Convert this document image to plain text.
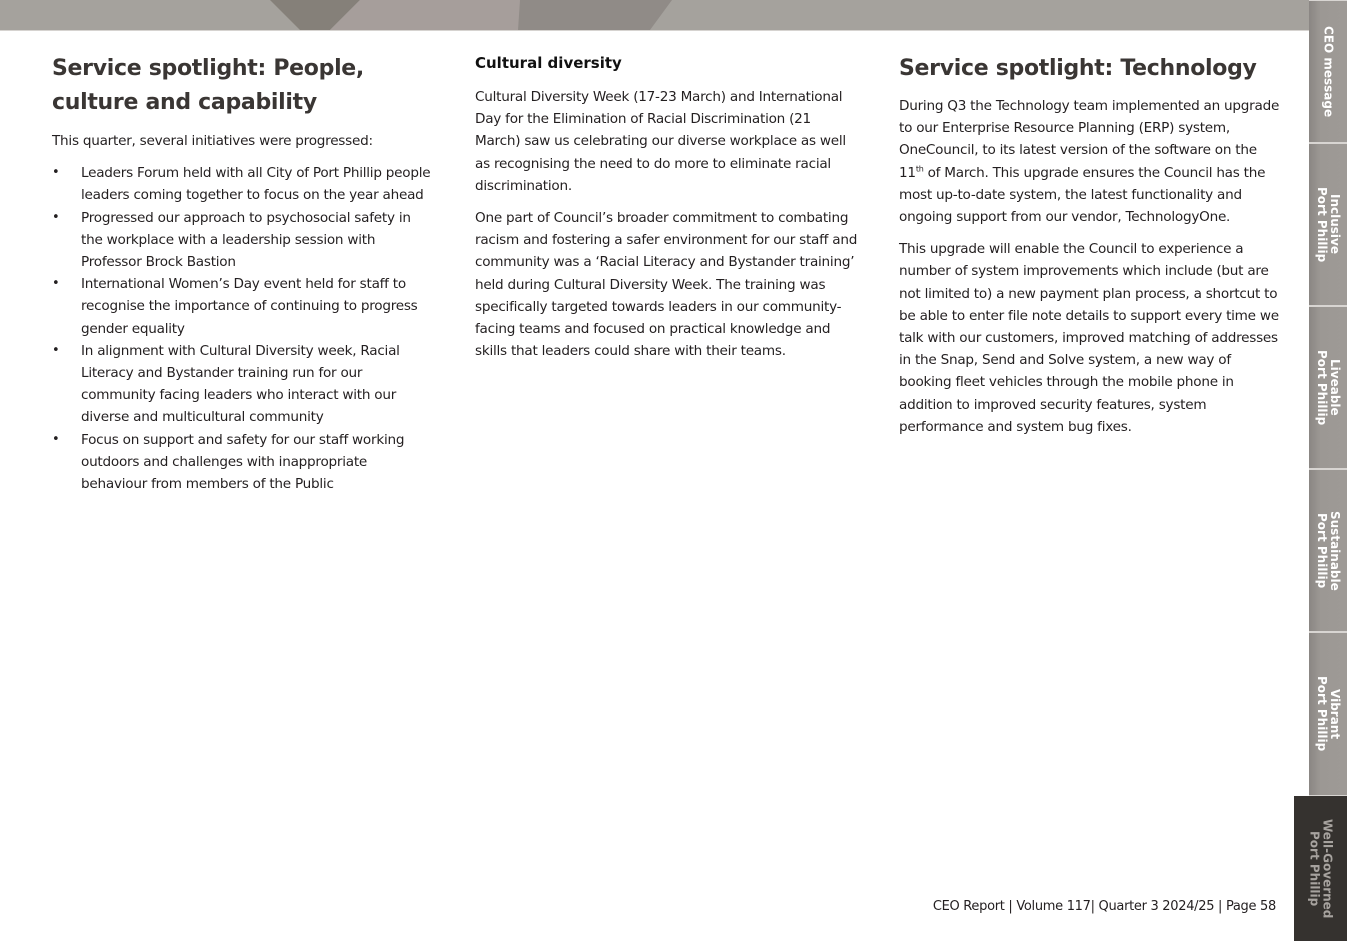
CEO message
Inclusive
Port Phillip
Liveable
Port Phillip
Sustainable
Port Phillip
Vibrant
Port Phillip
Well-Governed
Port Phillip
Service spotlight: People, culture and capability

This quarter, several initiatives were progressed:

• Leaders Forum held with all City of Port Phillip people leaders coming together to focus on the year ahead
• Progressed our approach to psychosocial safety in the workplace with a leadership session with Professor Brock Bastion
• International Women’s Day event held for staff to recognise the importance of continuing to progress gender equality
• In alignment with Cultural Diversity week, Racial Literacy and Bystander training run for our community facing leaders who interact with our diverse and multicultural community
• Focus on support and safety for our staff working outdoors and challenges with inappropriate behaviour from members of the Public
Cultural diversity

Cultural Diversity Week (17-23 March) and International Day for the Elimination of Racial Discrimination (21 March) saw us celebrating our diverse workplace as well as recognising the need to do more to eliminate racial discrimination.

One part of Council’s broader commitment to combating racism and fostering a safer environment for our staff and community was a ‘Racial Literacy and Bystander training’ held during Cultural Diversity Week. The training was specifically targeted towards leaders in our community-facing teams and focused on practical knowledge and skills that leaders could share with their teams.

Service spotlight: Technology

During Q3 the Technology team implemented an upgrade to our Enterprise Resource Planning (ERP) system, OneCouncil, to its latest version of the software on the 11th of March. This upgrade ensures the Council has the most up-to-date system, the latest functionality and ongoing support from our vendor, TechnologyOne.

This upgrade will enable the Council to experience a number of system improvements which include (but are not limited to) a new payment plan process, a shortcut to be able to enter file note details to support every time we talk with our customers, improved matching of addresses in the Snap, Send and Solve system, a new way of booking fleet vehicles through the mobile phone in addition to improved security features, system performance and system bug fixes.

CEO Report | Volume 117| Quarter 3 2024/25 | Page 58
